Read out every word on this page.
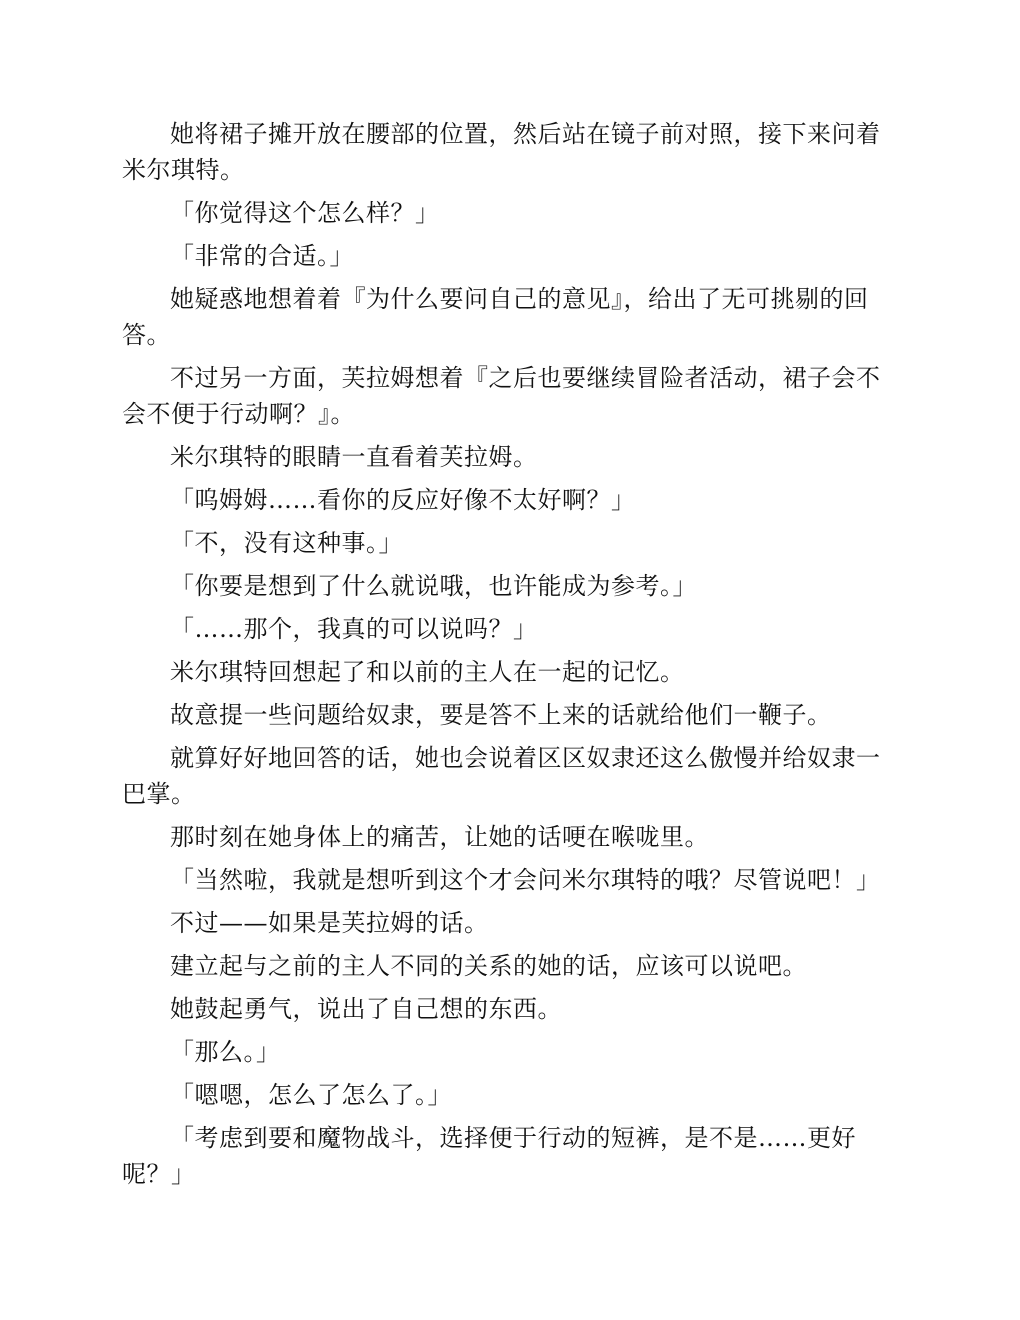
她将裙子摊开放在腰部的位置，然后站在镜子前对照，接下来问着米尔琪特。

「你觉得这个怎么样？」

「非常的合适。」

她疑惑地想着着『为什么要问自己的意见』，给出了无可挑剔的回答。

不过另一方面，芙拉姆想着『之后也要继续冒险者活动，裙子会不会不便于行动啊？』。

米尔琪特的眼睛一直看着芙拉姆。

「呜姆姆……看你的反应好像不太好啊？」

「不，没有这种事。」

「你要是想到了什么就说哦，也许能成为参考。」

「……那个，我真的可以说吗？」

米尔琪特回想起了和以前的主人在一起的记忆。

故意提一些问题给奴隶，要是答不上来的话就给他们一鞭子。

就算好好地回答的话，她也会说着区区奴隶还这么傲慢并给奴隶一巴掌。

那时刻在她身体上的痛苦，让她的话哽在喉咙里。

「当然啦，我就是想听到这个才会问米尔琪特的哦？尽管说吧！」

不过——如果是芙拉姆的话。

建立起与之前的主人不同的关系的她的话，应该可以说吧。

她鼓起勇气，说出了自己想的东西。

「那么。」

「嗯嗯，怎么了怎么了。」

「考虑到要和魔物战斗，选择便于行动的短裤，是不是……更好呢？」
